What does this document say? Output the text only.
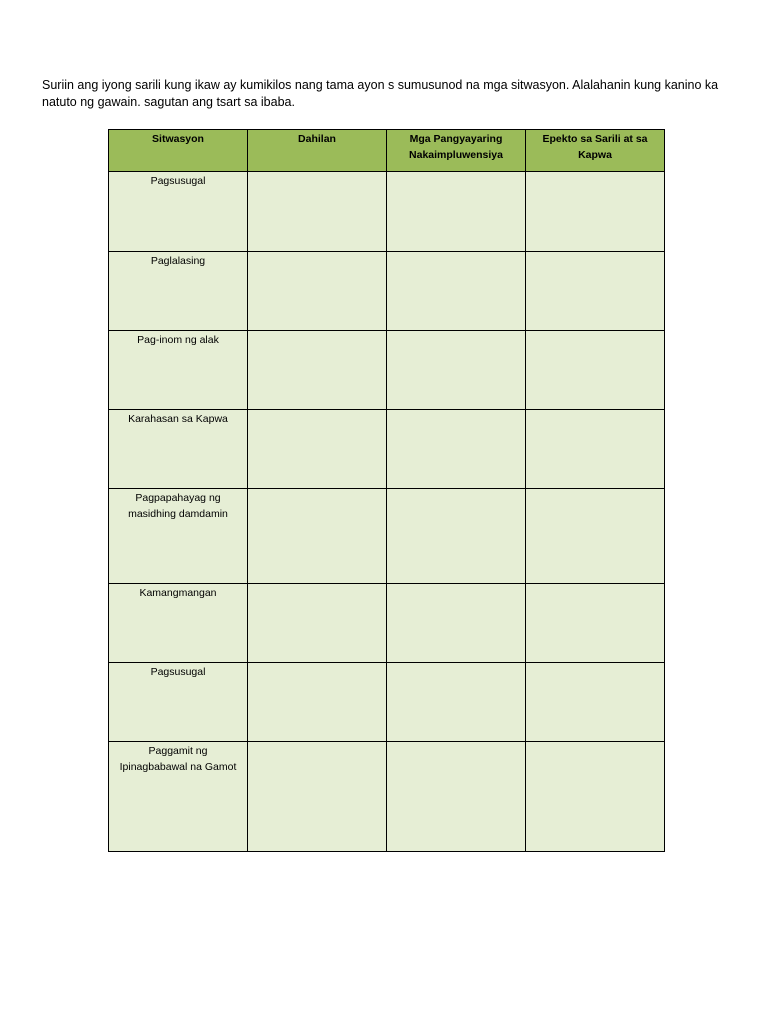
Suriin ang iyong sarili kung ikaw ay kumikilos nang tama ayon s sumusunod na mga sitwasyon. Alalahanin kung kanino ka
natuto ng gawain. sagutan ang tsart sa ibaba.

Sitwasyon	Dahilan	Mga Pangyayaring Nakaimpluwensiya	Epekto sa Sarili at sa Kapwa
Pagsusugal			
Paglalasing			
Pag-inom ng alak			
Karahasan sa Kapwa			
Pagpapahayag ng masidhing damdamin			
Kamangmangan			
Pagsusugal			
Paggamit ng Ipinagbabawal na Gamot			
